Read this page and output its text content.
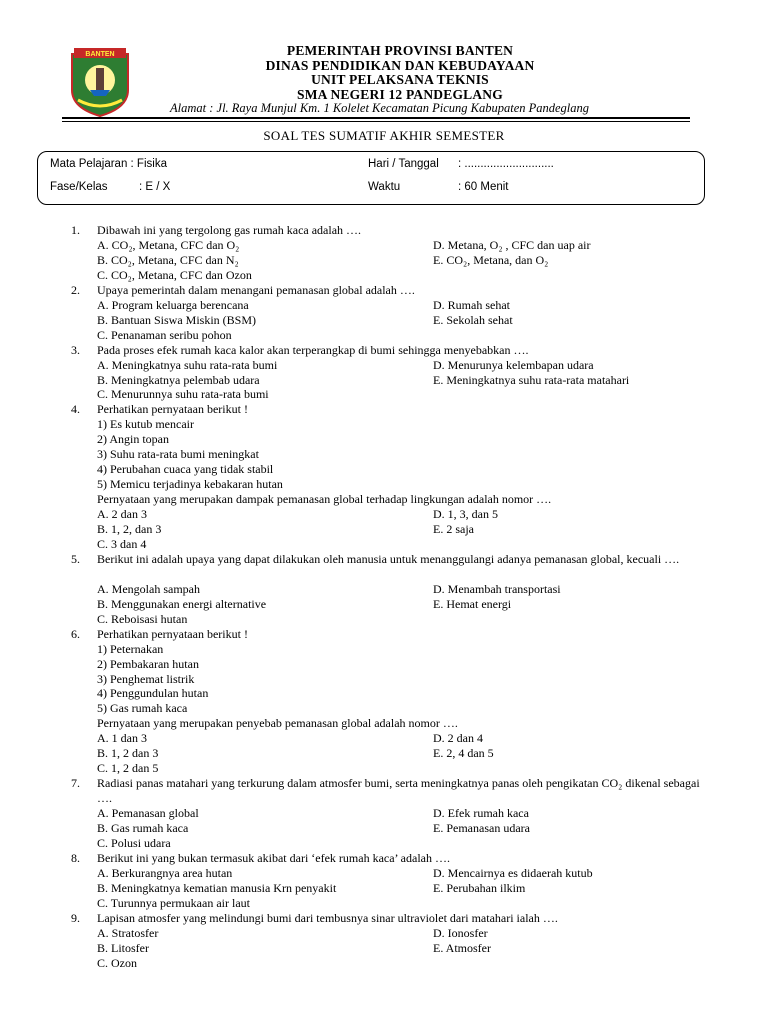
BANTEN	PEMERINTAH PROVINSI BANTEN
DINAS PENDIDIKAN DAN KEBUDAYAAN
UNIT PELAKSANA TEKNIS
SMA NEGERI 12 PANDEGLANG
Alamat : Jl. Raya Munjul Km. 1 Kolelet Kecamatan Picung Kabupaten Pandeglang
SOAL TES SUMATIF AKHIR SEMESTER
Mata Pelajaran : Fisika	Hari / Tanggal : ............................
Fase/Kelas	: E / X	Waktu	: 60 Menit
1. Dibawah ini yang tergolong gas rumah kaca adalah ….
A. CO₂, Metana, CFC dan O₂	D. Metana, O₂ , CFC dan uap air
B. CO₂, Metana, CFC dan N₂	E. CO₂, Metana, dan O₂
C. CO₂, Metana, CFC dan Ozon
2. Upaya pemerintah dalam menangani pemanasan global adalah ….
A. Program keluarga berencana	D. Rumah sehat
B. Bantuan Siswa Miskin (BSM)	E. Sekolah sehat
C. Penanaman seribu pohon
3. Pada proses efek rumah kaca kalor akan terperangkap di bumi sehingga menyebabkan ….
A. Meningkatnya suhu rata-rata bumi	D. Menurunya kelembapan udara
B. Meningkatnya pelembab udara	E. Meningkatnya suhu rata-rata matahari
C. Menurunnya suhu rata-rata bumi
4. Perhatikan pernyataan berikut !
1) Es kutub mencair
2) Angin topan
3) Suhu rata-rata bumi meningkat
4) Perubahan cuaca yang tidak stabil
5) Memicu terjadinya kebakaran hutan
Pernyataan yang merupakan dampak pemanasan global terhadap lingkungan adalah nomor ….
A. 2 dan 3	D. 1, 3, dan 5
B. 1, 2, dan 3	E. 2 saja
C. 3 dan 4
5. Berikut ini adalah upaya yang dapat dilakukan oleh manusia untuk menanggulangi adanya pemanasan global, kecuali ….
A. Mengolah sampah	D. Menambah transportasi
B. Menggunakan energi alternative	E. Hemat energi
C. Reboisasi hutan
6. Perhatikan pernyataan berikut !
1) Peternakan
2) Pembakaran hutan
3) Penghemat listrik
4) Penggundulan hutan
5) Gas rumah kaca
Pernyataan yang merupakan penyebab pemanasan global adalah nomor ….
A. 1 dan 3	D. 2 dan 4
B. 1, 2 dan 3	E. 2, 4 dan 5
C. 1, 2 dan 5
7. Radiasi panas matahari yang terkurung dalam atmosfer bumi, serta meningkatnya panas oleh pengikatan CO₂ dikenal sebagai ….
A. Pemanasan global	D. Efek rumah kaca
B. Gas rumah kaca	E. Pemanasan udara
C. Polusi udara
8. Berikut ini yang bukan termasuk akibat dari ‘efek rumah kaca’ adalah ….
A. Berkurangnya area hutan	D. Mencairnya es didaerah kutub
B. Meningkatnya kematian manusia Krn penyakit	E. Perubahan ilkim
C. Turunnya permukaan air laut
9. Lapisan atmosfer yang melindungi bumi dari tembusnya sinar ultraviolet dari matahari ialah ….
A. Stratosfer	D. Ionosfer
B. Litosfer	E. Atmosfer
C. Ozon
